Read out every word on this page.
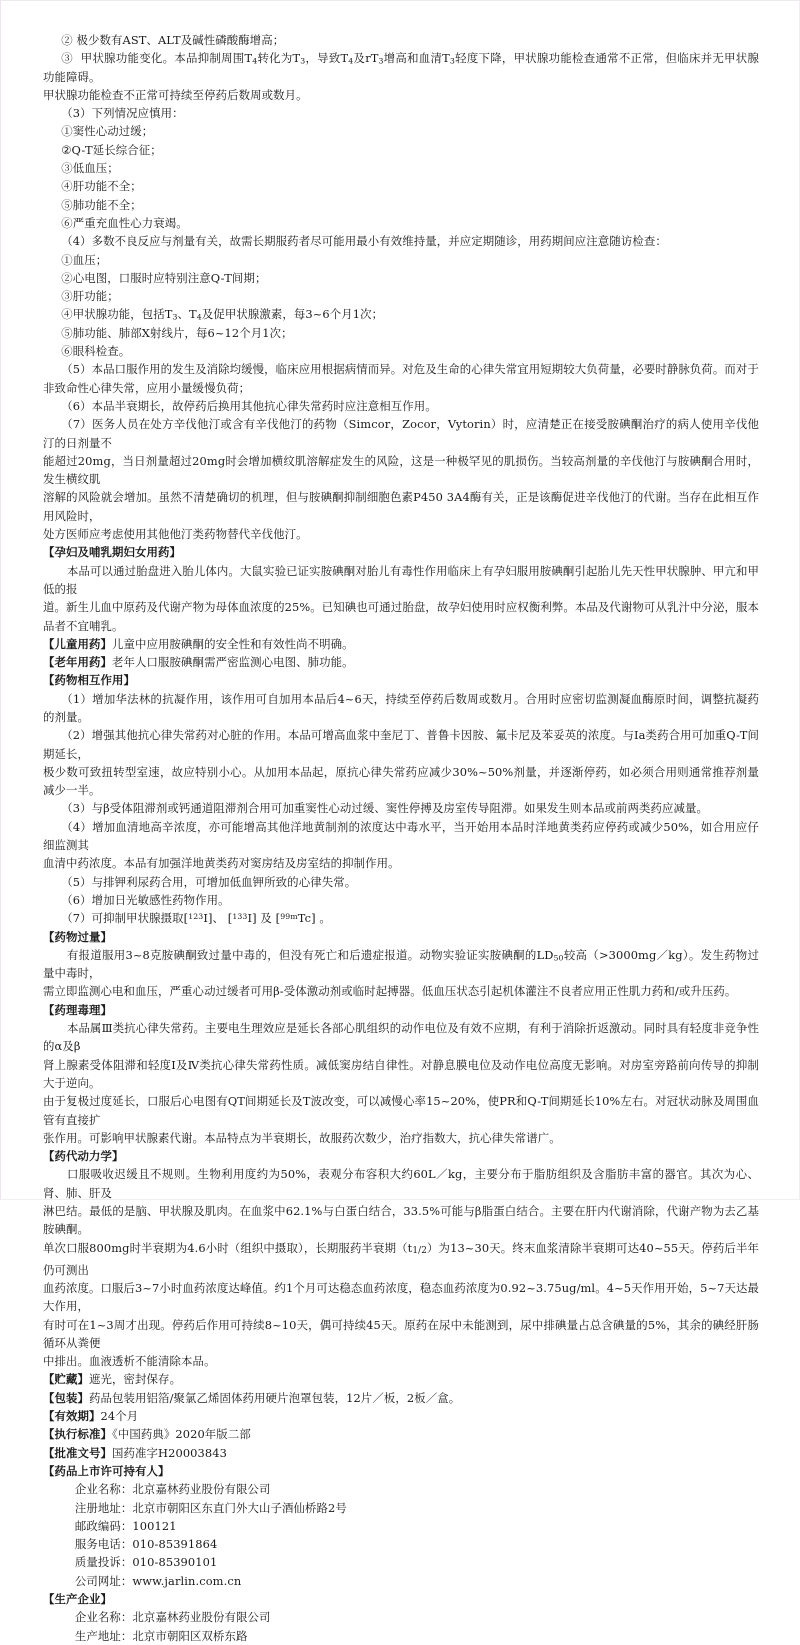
② 极少数有AST、ALT及碱性磷酸酶增高；

③  甲状腺功能变化。本品抑制周围$T_4$转化为$T_3$，导致$T_4$及$rT_3$增高和血清$T_3$轻度下降，甲状腺功能检查通常不正常，但临床并无甲状腺功能障碍。

甲状腺功能检查不正常可持续至停药后数周或数月。

（3）下列情况应慎用：

①窦性心动过缓；

②Q-T延长综合征；

③低血压；

④肝功能不全；

⑤肺功能不全；

⑥严重充血性心力衰竭。

（4）多数不良反应与剂量有关，故需长期服药者尽可能用最小有效维持量，并应定期随诊，用药期间应注意随访检查：

①血压；

②心电图，口服时应特别注意Q-T间期；

③肝功能；

④甲状腺功能，包括$T_3$、$T_4$及促甲状腺激素，每3~6个月1次；

⑤肺功能、肺部X射线片，每6~12个月1次；

⑥眼科检查。

（5）本品口服作用的发生及消除均缓慢，临床应用根据病情而异。对危及生命的心律失常宜用短期较大负荷量，必要时静脉负荷。而对于

非致命性心律失常，应用小量缓慢负荷；

（6）本品半衰期长，故停药后换用其他抗心律失常药时应注意相互作用。

（7）医务人员在处方辛伐他汀或含有辛伐他汀的药物（Simcor，Zocor，Vytorin）时，应清楚正在接受胺碘酮治疗的病人使用辛伐他汀的日剂量不

能超过20mg，当日剂量超过20mg时会增加横纹肌溶解症发生的风险，这是一种极罕见的肌损伤。当较高剂量的辛伐他汀与胺碘酮合用时，发生横纹肌

溶解的风险就会增加。虽然不清楚确切的机理，但与胺碘酮抑制细胞色素P450 3A4酶有关，正是该酶促进辛伐他汀的代谢。当存在此相互作用风险时，

处方医师应考虑使用其他他汀类药物替代辛伐他汀。

【孕妇及哺乳期妇女用药】

本品可以通过胎盘进入胎儿体内。大鼠实验已证实胺碘酮对胎儿有毒性作用临床上有孕妇服用胺碘酮引起胎儿先天性甲状腺肿、甲亢和甲低的报

道。新生儿血中原药及代谢产物为母体血浓度的25%。已知碘也可通过胎盘，故孕妇使用时应权衡利弊。本品及代谢物可从乳汁中分泌，服本品者不宜哺乳。

【儿童用药】儿童中应用胺碘酮的安全性和有效性尚不明确。

【老年用药】老年人口服胺碘酮需严密监测心电图、肺功能。

【药物相互作用】

（1）增加华法林的抗凝作用，该作用可自加用本品后4~6天，持续至停药后数周或数月。合用时应密切监测凝血酶原时间，调整抗凝药的剂量。

（2）增强其他抗心律失常药对心脏的作用。本品可增高血浆中奎尼丁、普鲁卡因胺、氟卡尼及苯妥英的浓度。与Ia类药合用可加重Q-T间期延长，

极少数可致扭转型室速，故应特别小心。从加用本品起，原抗心律失常药应减少30%~50%剂量，并逐渐停药，如必须合用则通常推荐剂量减少一半。

（3）与β受体阻滞剂或钙通道阻滞剂合用可加重窦性心动过缓、窦性停搏及房室传导阻滞。如果发生则本品或前两类药应减量。

（4）增加血清地高辛浓度，亦可能增高其他洋地黄制剂的浓度达中毒水平，当开始用本品时洋地黄类药应停药或减少50%，如合用应仔细监测其

血清中药浓度。本品有加强洋地黄类药对窦房结及房室结的抑制作用。

（5）与排钾利尿药合用，可增加低血钾所致的心律失常。

（6）增加日光敏感性药物作用。

（7）可抑制甲状腺摄取[$^{123}$I]、 [$^{133}$I] 及 [$^{99m}$Tc] 。

【药物过量】

有报道服用3~8克胺碘酮致过量中毒的，但没有死亡和后遗症报道。动物实验证实胺碘酮的$LD_{50}$较高（>3000mg／kg）。发生药物过量中毒时，

需立即监测心电和血压，严重心动过缓者可用β-受体激动剂或临时起搏器。低血压状态引起机体灌注不良者应用正性肌力药和/或升压药。

【药理毒理】

本品属Ⅲ类抗心律失常药。主要电生理效应是延长各部心肌组织的动作电位及有效不应期，有利于消除折返激动。同时具有轻度非竞争性的α及β

肾上腺素受体阻滞和轻度Ⅰ及Ⅳ类抗心律失常药性质。减低窦房结自律性。对静息膜电位及动作电位高度无影响。对房室旁路前向传导的抑制大于逆向。

由于复极过度延长，口服后心电图有QT间期延长及T波改变，可以减慢心率15~20%，使PR和Q-T间期延长10%左右。对冠状动脉及周围血管有直接扩

张作用。可影响甲状腺素代谢。本品特点为半衰期长，故服药次数少，治疗指数大，抗心律失常谱广。

【药代动力学】

口服吸收迟缓且不规则。生物利用度约为50%，表观分布容积大约60L／kg，主要分布于脂肪组织及含脂肪丰富的器官。其次为心、肾、肺、肝及

淋巴结。最低的是脑、甲状腺及肌肉。在血浆中62.1%与白蛋白结合，33.5%可能与β脂蛋白结合。主要在肝内代谢消除，代谢产物为去乙基胺碘酮。

单次口服800mg时半衰期为4.6小时（组织中摄取），长期服药半衰期（t1/2）为13~30天。终末血浆清除半衰期可达40~55天。停药后半年仍可测出

血药浓度。口服后3~7小时血药浓度达峰值。约1个月可达稳态血药浓度，稳态血药浓度为0.92~3.75ug/ml。4~5天作用开始，5~7天达最大作用，

有时可在1~3周才出现。停药后作用可持续8~10天，偶可持续45天。原药在尿中未能测到，尿中排碘量占总含碘量的5%，其余的碘经肝肠循环从粪便

中排出。血液透析不能清除本品。

【贮藏】遮光，密封保存。

【包装】药品包装用铝箔/聚氯乙烯固体药用硬片泡罩包装，12片／板，2板／盒。

【有效期】24个月

【执行标准】《中国药典》2020年版二部

【批准文号】国药准字H20003843

【药品上市许可持有人】

企业名称：北京嘉林药业股份有限公司

注册地址：北京市朝阳区东直门外大山子酒仙桥路2号

邮政编码：100121

服务电话：010-85391864

质量投诉：010-85390101

公司网址：www.jarlin.com.cn

【生产企业】

企业名称：北京嘉林药业股份有限公司

生产地址：北京市朝阳区双桥东路
